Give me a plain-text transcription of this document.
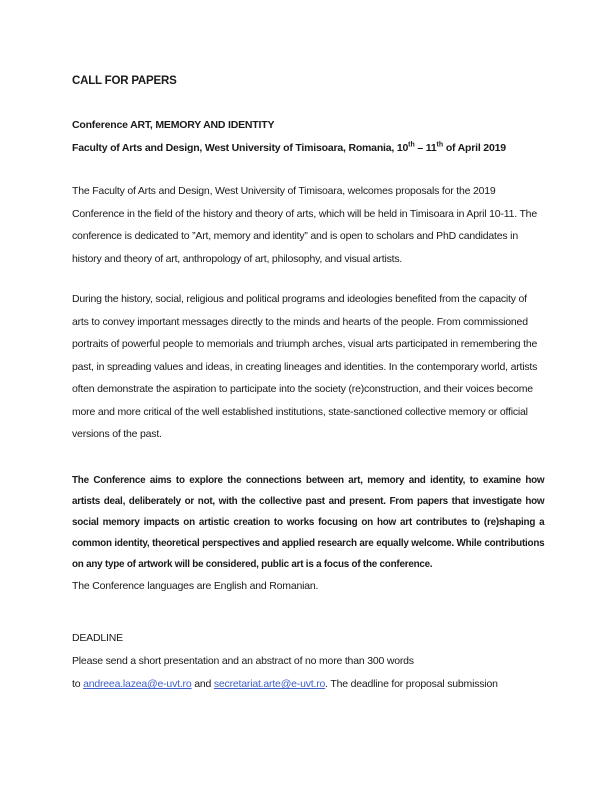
CALL FOR PAPERS
Conference ART, MEMORY AND IDENTITY
Faculty of Arts and Design, West University of Timisoara, Romania, 10th – 11th of April 2019

The Faculty of Arts and Design, West University of Timisoara, welcomes proposals for the 2019 Conference in the field of the history and theory of arts, which will be held in Timisoara in April 10-11. The conference is dedicated to ”Art, memory and identity” and is open to scholars and PhD candidates in history and theory of art, anthropology of art, philosophy, and visual artists.

During the history, social, religious and political programs and ideologies benefited from the capacity of arts to convey important messages directly to the minds and hearts of the people. From commissioned portraits of powerful people to memorials and triumph arches, visual arts participated in remembering the past, in spreading values and ideas, in creating lineages and identities. In the contemporary world, artists often demonstrate the aspiration to participate into the society (re)construction, and their voices become more and more critical of the well established institutions, state-sanctioned collective memory or official versions of the past.

The Conference aims to explore the connections between art, memory and identity, to examine how artists deal, deliberately or not, with the collective past and present. From papers that investigate how social memory impacts on artistic creation to works focusing on how art contributes to (re)shaping a common identity, theoretical perspectives and applied research are equally welcome. While contributions on any type of artwork will be considered, public art is a focus of the conference.

The Conference languages are English and Romanian.

DEADLINE
Please send a short presentation and an abstract of no more than 300 words
to andreea.lazea@e-uvt.ro and secretariat.arte@e-uvt.ro. The deadline for proposal submission
